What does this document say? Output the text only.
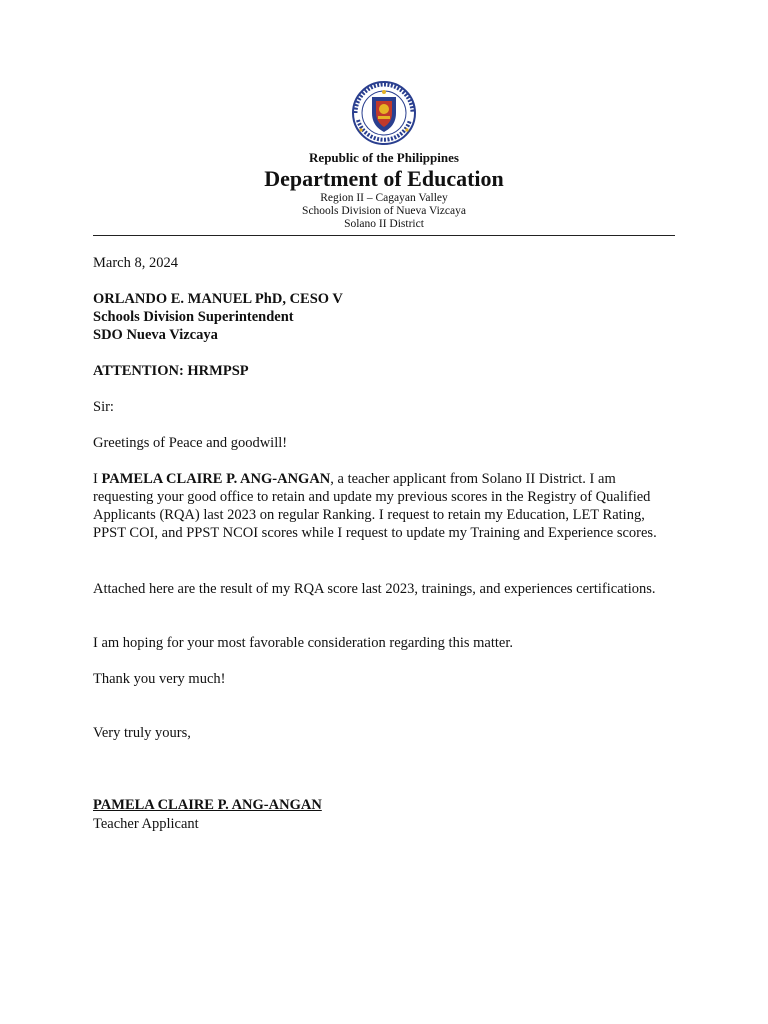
Republic of the Philippines
Department of Education
Region II – Cagayan Valley
Schools Division of Nueva Vizcaya
Solano II District
March 8, 2024
ORLANDO E. MANUEL PhD, CESO V
Schools Division Superintendent
SDO Nueva Vizcaya
ATTENTION: HRMPSP
Sir:
Greetings of Peace and goodwill!

I PAMELA CLAIRE P. ANG-ANGAN, a teacher applicant from Solano II District. I am requesting your good office to retain and update my previous scores in the Registry of Qualified Applicants (RQA) last 2023 on regular Ranking. I request to retain my Education, LET Rating, PPST COI, and PPST NCOI scores while I request to update my Training and Experience scores.

Attached here are the result of my RQA score last 2023, trainings, and experiences certifications.

I am hoping for your most favorable consideration regarding this matter.
Thank you very much!
Very truly yours,
PAMELA CLAIRE P. ANG-ANGAN
Teacher Applicant
